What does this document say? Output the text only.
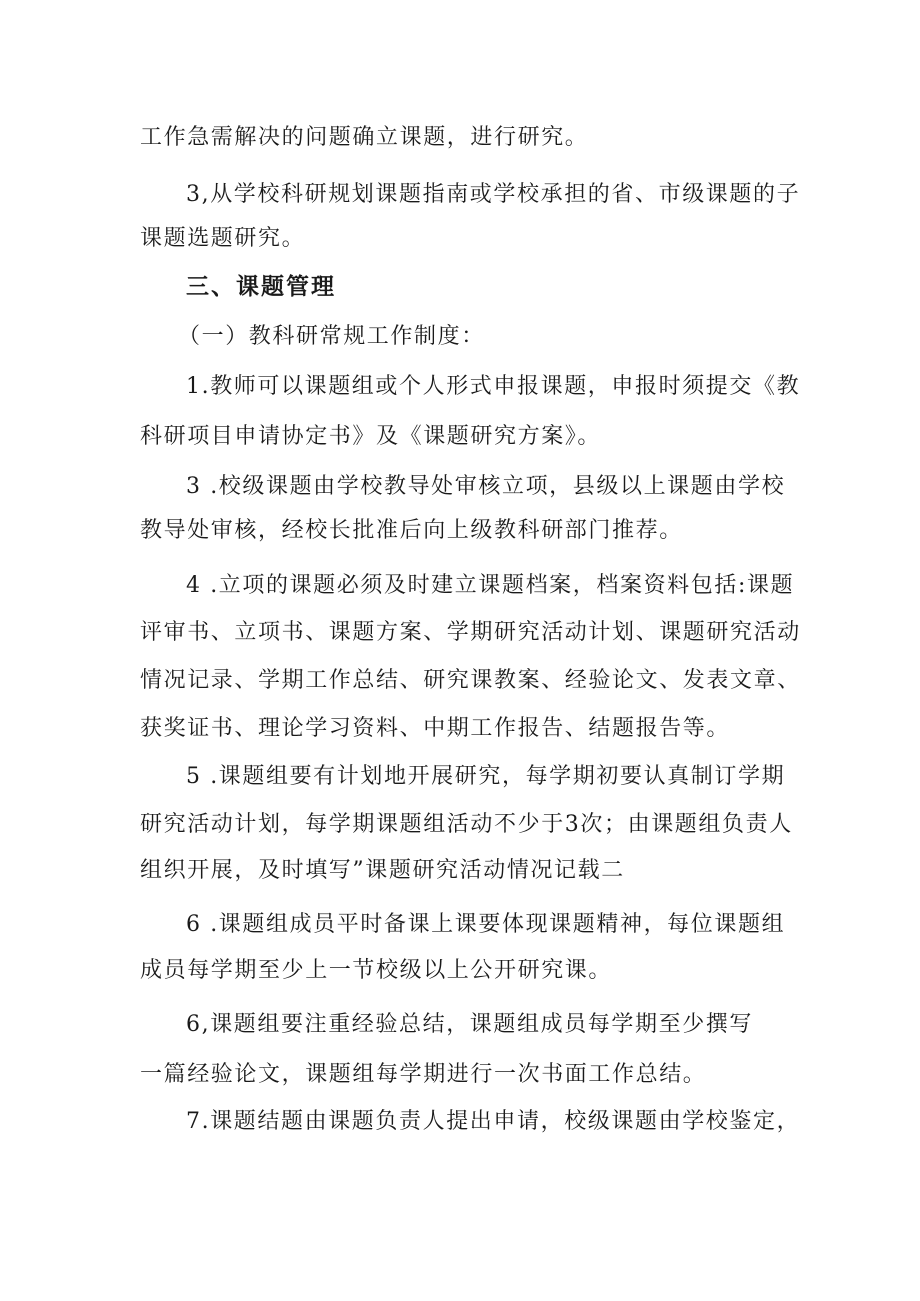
工作急需解决的问题确立课题，进行研究。
3,从学校科研规划课题指南或学校承担的省、市级课题的子
课题选题研究。
三、课题管理
（一）教科研常规工作制度：
1.教师可以课题组或个人形式申报课题，申报时须提交《教
科研项目申请协定书》及《课题研究方案》。
3 .校级课题由学校教导处审核立项，县级以上课题由学校
教导处审核，经校长批准后向上级教科研部门推荐。
4 .立项的课题必须及时建立课题档案，档案资料包括:课题
评审书、立项书、课题方案、学期研究活动计划、课题研究活动
情况记录、学期工作总结、研究课教案、经验论文、发表文章、
获奖证书、理论学习资料、中期工作报告、结题报告等。
5 .课题组要有计划地开展研究，每学期初要认真制订学期
研究活动计划，每学期课题组活动不少于3次；由课题组负责人
组织开展，及时填写”课题研究活动情况记载二
6 .课题组成员平时备课上课要体现课题精神，每位课题组
成员每学期至少上一节校级以上公开研究课。
6,课题组要注重经验总结，课题组成员每学期至少撰写
一篇经验论文，课题组每学期进行一次书面工作总结。
7.课题结题由课题负责人提出申请，校级课题由学校鉴定，
